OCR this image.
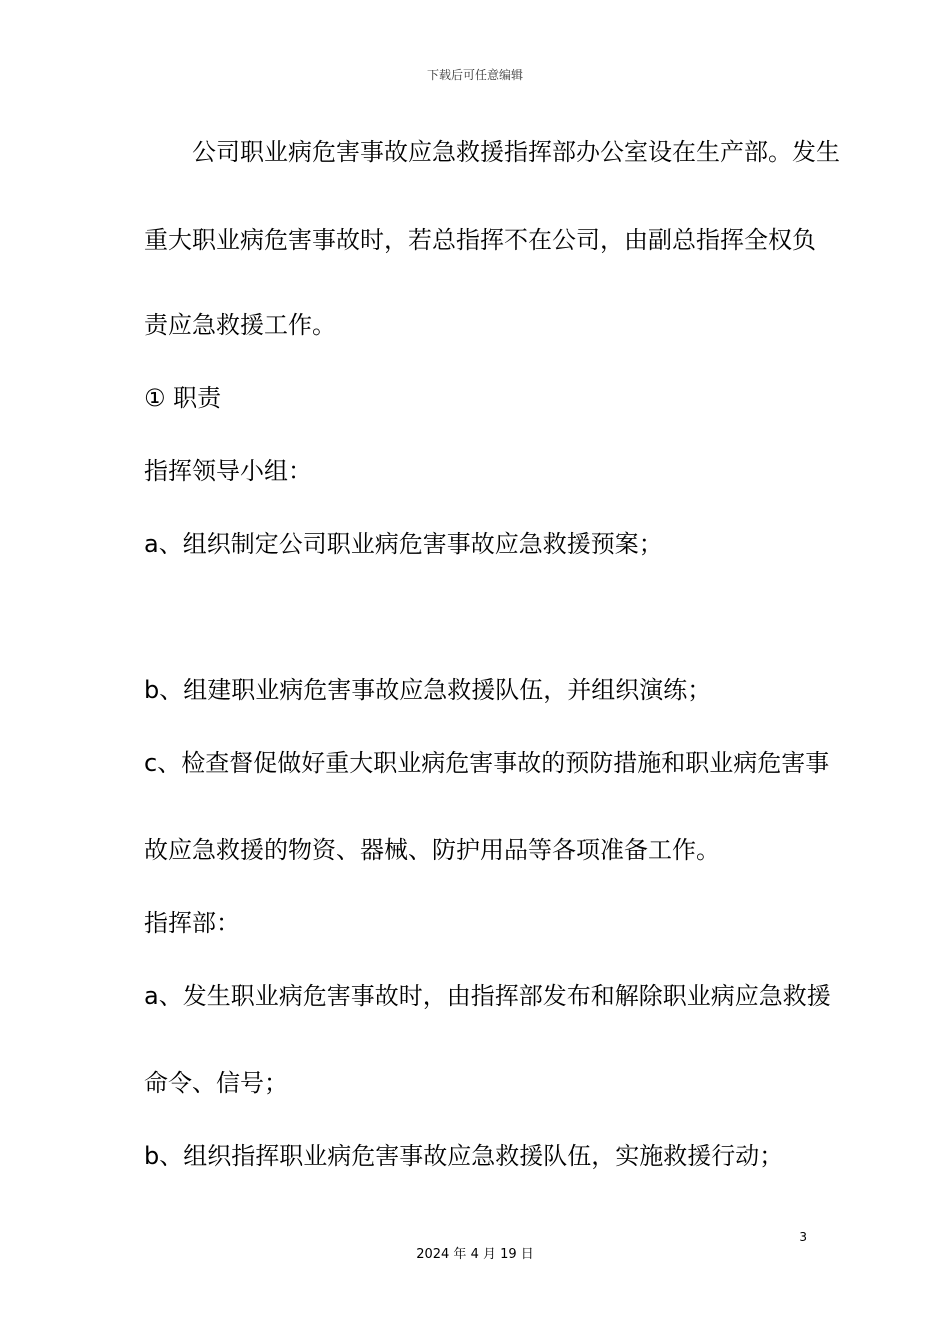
下载后可任意编辑
　　公司职业病危害事故应急救援指挥部办公室设在生产部。发生
重大职业病危害事故时，若总指挥不在公司，由副总指挥全权负
责应急救援工作。
① 职责
指挥领导小组：
a、组织制定公司职业病危害事故应急救援预案；
b、组建职业病危害事故应急救援队伍，并组织演练；
c、检查督促做好重大职业病危害事故的预防措施和职业病危害事
故应急救援的物资、器械、防护用品等各项准备工作。
指挥部：
a、发生职业病危害事故时，由指挥部发布和解除职业病应急救援
命令、信号；
b、组织指挥职业病危害事故应急救援队伍，实施救援行动；
3
2024 年 4 月 19 日
